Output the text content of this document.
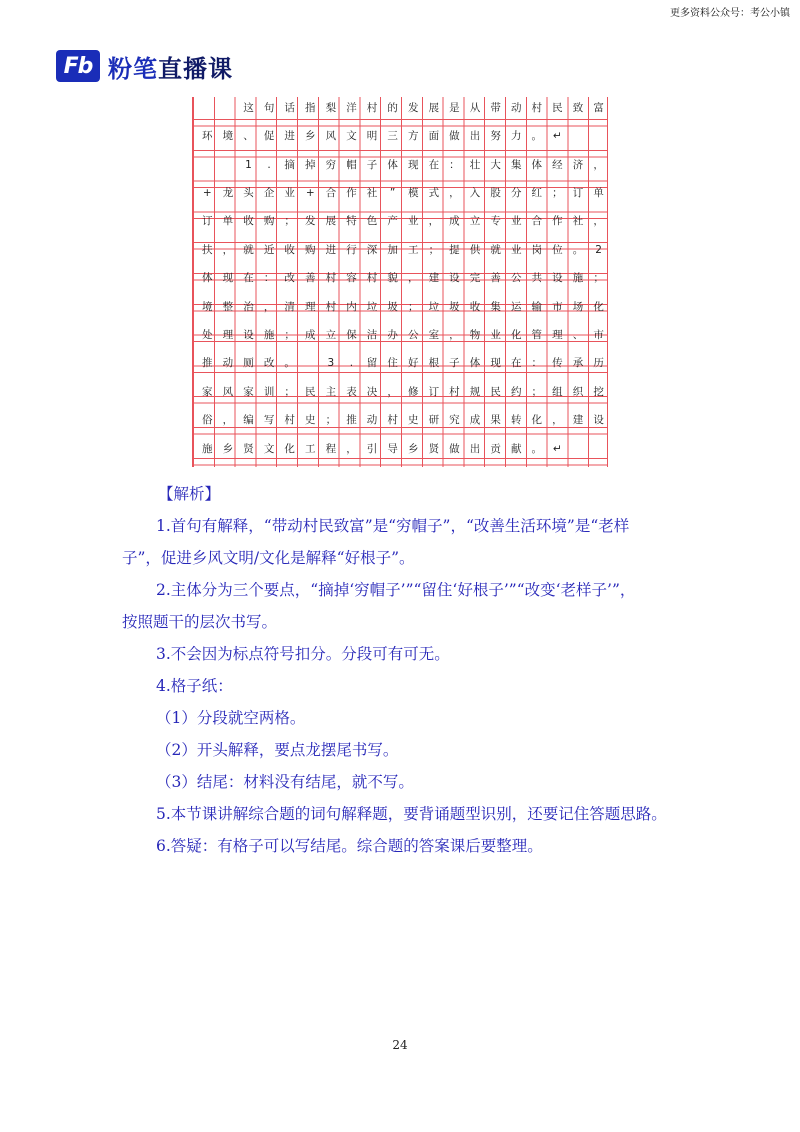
更多资料公众号：考公小镇
Fb 粉笔直播课
这 句 话 指 梨 洋 村 的 发 展 是 从 带 动 村 民 致 富
环 境 、 促 进 乡 风 文 明 三 方 面 做 出 努 力 。	↵
1	.	摘 掉 穷 帽 子 体 现 在 ： 壮 大 集 体 经 济 ，
+	龙 头 企 业	+	合 作 社	”	模 式 ， 入 股 分 红 ； 订 单
订 单 收 购 ； 发 展 特 色 产 业 ， 成 立 专 业 合 作 社 ，
扶 ， 就 近 收 购 进 行 深 加 工 ； 提 供 就 业 岗 位 。	2
体 现 在 ： 改 善 村 容 村 貌 ， 建 设 完 善 公 共 设 施 ；
境 整 治 ， 清 理 村 内 垃 圾 ； 垃 圾 收 集 运 输 市 场 化
处 理 设 施 ； 成 立 保 洁 办 公 室 ， 物 业 化 管 理 、 市
推 动 厕 改 。	3	.	留 住 好 根 子 体 现 在 ： 传 承 历
家 风 家 训 ； 民 主 表 决 ， 修 订 村 规 民 约 ； 组 织 挖
俗 ， 编 写 村 史 ； 推 动 村 史 研 究 成 果 转 化 ， 建 设
施 乡 贤 文 化 工 程 ， 引 导 乡 贤 做 出 贡 献 。	↵

【解析】

1.首句有解释，“带动村民致富”是“穷帽子”，“改善生活环境”是“老样

子”，促进乡风文明/文化是解释“好根子”。

2.主体分为三个要点，“摘掉‘穷帽子’”“留住‘好根子’”“改变‘老样子’”，

按照题干的层次书写。

3.不会因为标点符号扣分。分段可有可无。

4.格子纸：

（1）分段就空两格。

（2）开头解释，要点龙摆尾书写。

（3）结尾：材料没有结尾，就不写。

5.本节课讲解综合题的词句解释题，要背诵题型识别，还要记住答题思路。

6.答疑：有格子可以写结尾。综合题的答案课后要整理。

24
